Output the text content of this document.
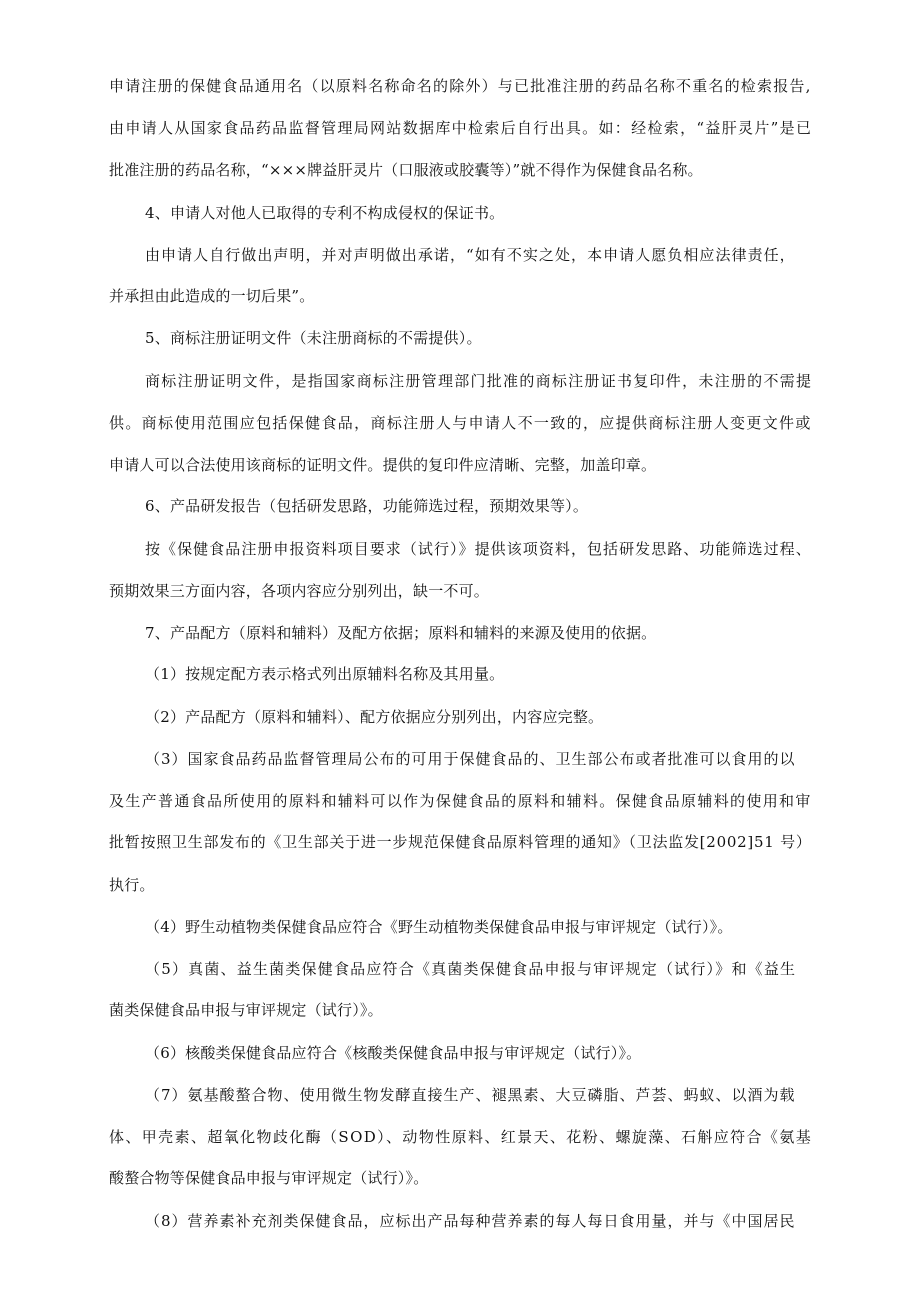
申请注册的保健食品通用名（以原料名称命名的除外）与已批准注册的药品名称不重名的检索报告,
由申请人从国家食品药品监督管理局网站数据库中检索后自行出具。如：经检索，“益肝灵片”是已
批准注册的药品名称，“×××牌益肝灵片（口服液或胶囊等）”就不得作为保健食品名称。
4、申请人对他人已取得的专利不构成侵权的保证书。
由申请人自行做出声明，并对声明做出承诺，“如有不实之处，本申请人愿负相应法律责任，
并承担由此造成的一切后果”。
5、商标注册证明文件（未注册商标的不需提供）。
商标注册证明文件，是指国家商标注册管理部门批准的商标注册证书复印件，未注册的不需提
供。商标使用范围应包括保健食品，商标注册人与申请人不一致的，应提供商标注册人变更文件或
申请人可以合法使用该商标的证明文件。提供的复印件应清晰、完整，加盖印章。
6、产品研发报告（包括研发思路，功能筛选过程，预期效果等）。
按《保健食品注册申报资料项目要求（试行）》提供该项资料，包括研发思路、功能筛选过程、
预期效果三方面内容，各项内容应分别列出，缺一不可。
7、产品配方（原料和辅料）及配方依据；原料和辅料的来源及使用的依据。
（1）按规定配方表示格式列出原辅料名称及其用量。
（2）产品配方（原料和辅料）、配方依据应分别列出，内容应完整。
（3）国家食品药品监督管理局公布的可用于保健食品的、卫生部公布或者批准可以食用的以
及生产普通食品所使用的原料和辅料可以作为保健食品的原料和辅料。保健食品原辅料的使用和审
批暂按照卫生部发布的《卫生部关于进一步规范保健食品原料管理的通知》（卫法监发[2002]51 号）
执行。
（4）野生动植物类保健食品应符合《野生动植物类保健食品申报与审评规定（试行）》。
（5）真菌、益生菌类保健食品应符合《真菌类保健食品申报与审评规定（试行）》和《益生
菌类保健食品申报与审评规定（试行）》。
（6）核酸类保健食品应符合《核酸类保健食品申报与审评规定（试行）》。
（7）氨基酸螯合物、使用微生物发酵直接生产、褪黑素、大豆磷脂、芦荟、蚂蚁、以酒为载
体、甲壳素、超氧化物歧化酶（SOD）、动物性原料、红景天、花粉、螺旋藻、石斛应符合《氨基
酸螯合物等保健食品申报与审评规定（试行）》。
（8）营养素补充剂类保健食品，应标出产品每种营养素的每人每日食用量，并与《中国居民
